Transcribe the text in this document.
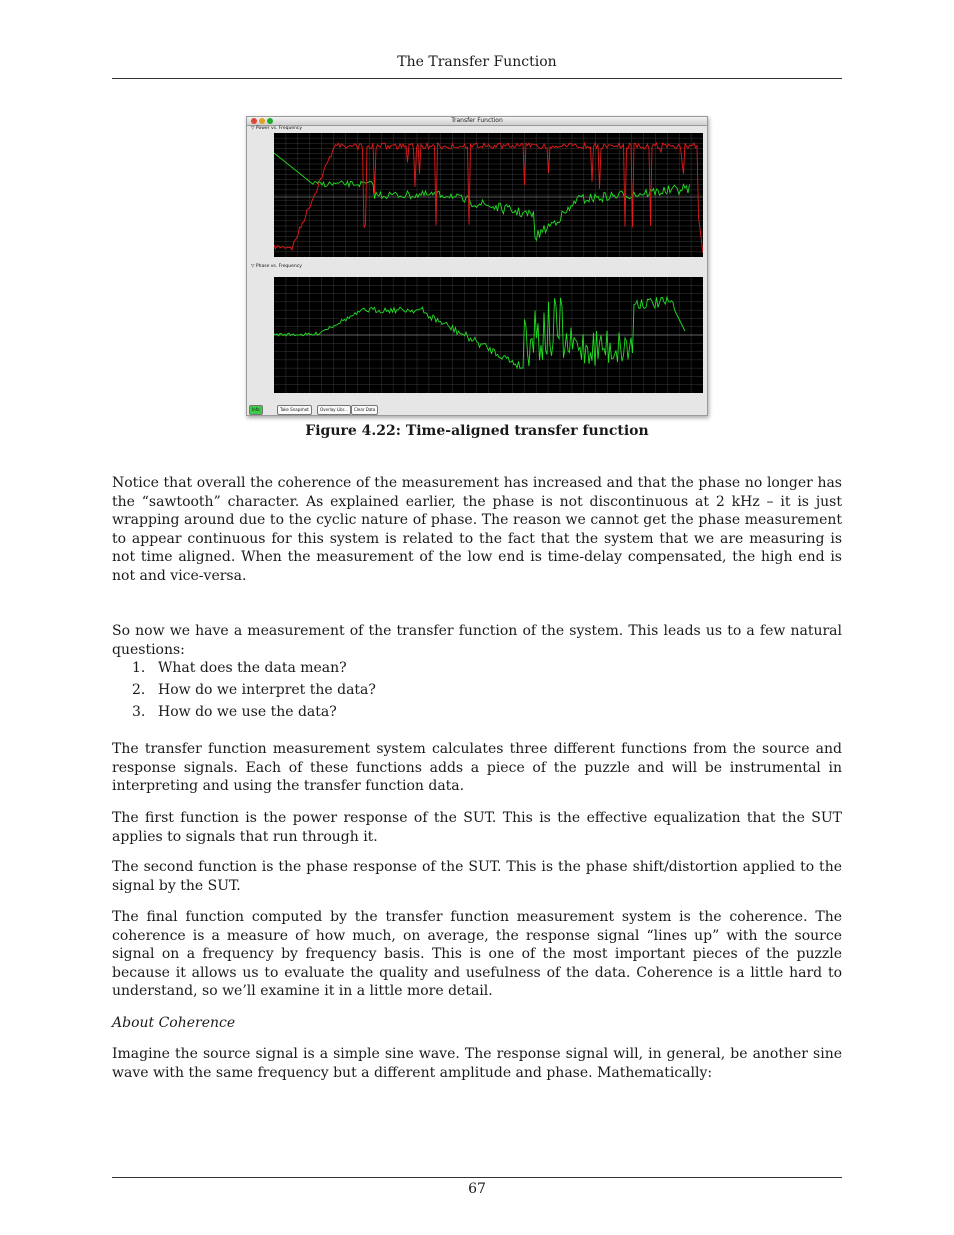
The Transfer Function
Transfer Function
▽ Power vs. Frequency
▽ Phase vs. Frequency
Info	Take Snapshot	Overlay Libr...	Clear Data
Figure 4.22: Time-aligned transfer function

Notice that overall the coherence of the measurement has increased and that the phase no longer has the “sawtooth” character. As explained earlier, the phase is not discontinuous at 2 kHz – it is just wrapping around due to the cyclic nature of phase. The reason we cannot get the phase measurement to appear continuous for this system is related to the fact that the system that we are measuring is not time aligned. When the measurement of the low end is time-delay compensated, the high end is not and vice-versa.

So now we have a measurement of the transfer function of the system. This leads us to a few natural questions:

1. What does the data mean?
2. How do we interpret the data?
3. How do we use the data?

The transfer function measurement system calculates three different functions from the source and response signals. Each of these functions adds a piece of the puzzle and will be instrumental in interpreting and using the transfer function data.

The first function is the power response of the SUT. This is the effective equalization that the SUT applies to signals that run through it.

The second function is the phase response of the SUT. This is the phase shift/distortion applied to the signal by the SUT.

The final function computed by the transfer function measurement system is the coherence. The coherence is a measure of how much, on average, the response signal “lines up” with the source signal on a frequency by frequency basis. This is one of the most important pieces of the puzzle because it allows us to evaluate the quality and usefulness of the data. Coherence is a little hard to understand, so we’ll examine it in a little more detail.

About Coherence

Imagine the source signal is a simple sine wave. The response signal will, in general, be another sine wave with the same frequency but a different amplitude and phase. Mathematically:

67
